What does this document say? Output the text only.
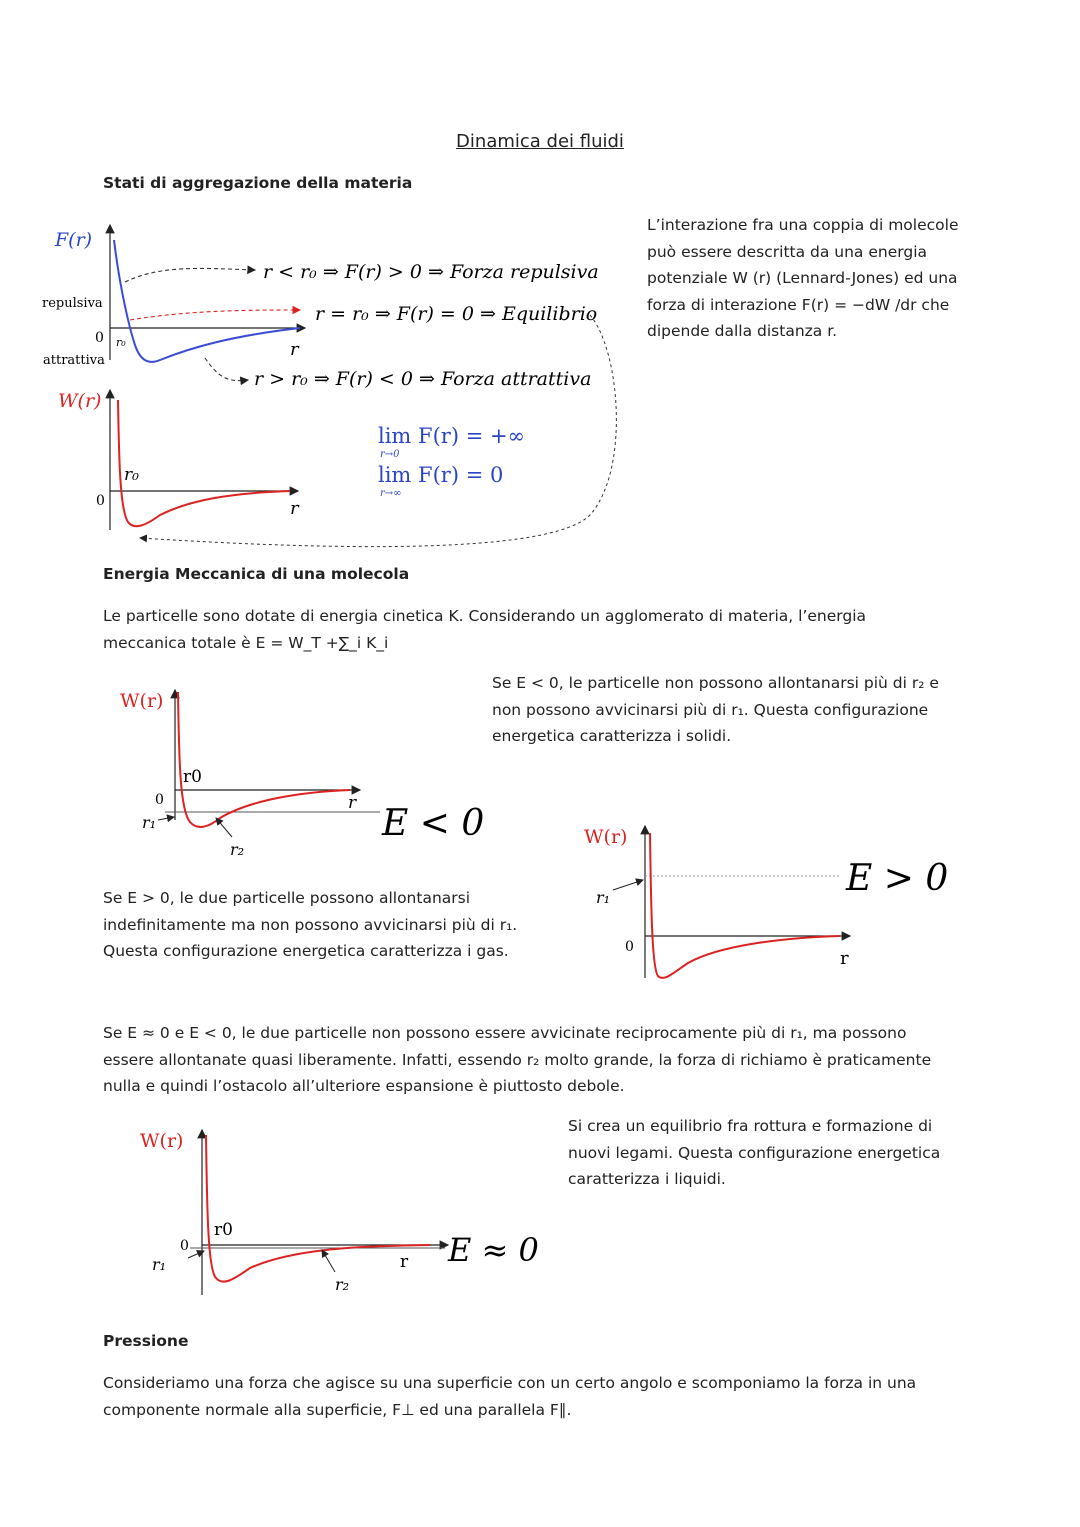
Dinamica dei fluidi
Stati di aggregazione della materia
L’interazione fra una coppia di molecole
può essere descritta da una energia
potenziale W (r) (Lennard-Jones) ed una
forza di interazione F(r) = −dW /dr che
dipende dalla distanza r.
F(r)
repulsiva
attrattiva
0 r₀	r
r < r₀ ⇒ F(r) > 0 ⇒ Forza repulsiva
r = r₀ ⇒ F(r) = 0 ⇒ Equilibrio
r > r₀ ⇒ F(r) < 0 ⇒ Forza attrattiva
W(r)
0
r₀
r
lim F(r) = +∞
r→0
lim F(r) = 0
r→∞
Energia Meccanica di una molecola
Le particelle sono dotate di energia cinetica K. Considerando un agglomerato di materia, l’energia
meccanica totale è E = W_T +∑_i K_i
Se E < 0, le particelle non possono allontanarsi più di r₂ e
non possono avvicinarsi più di r₁. Questa configurazione
energetica caratterizza i solidi.
W(r)
r0
0	r
r₁
r₂
E < 0
Se E > 0, le due particelle possono allontanarsi
indefinitamente ma non possono avvicinarsi più di r₁.
Questa configurazione energetica caratterizza i gas.
W(r)
r₁
0
r
E > 0
Se E ≈ 0 e E < 0, le due particelle non possono essere avvicinate reciprocamente più di r₁, ma possono
essere allontanate quasi liberamente. Infatti, essendo r₂ molto grande, la forza di richiamo è praticamente
nulla e quindi l’ostacolo all’ulteriore espansione è piuttosto debole.
Si crea un equilibrio fra rottura e formazione di
nuovi legami. Questa configurazione energetica
caratterizza i liquidi.
W(r)
r0
0
r
r₁
r₂
E ≈ 0
Pressione
Consideriamo una forza che agisce su una superficie con un certo angolo e scomponiamo la forza in una
componente normale alla superficie, F⊥ ed una parallela F∥.
